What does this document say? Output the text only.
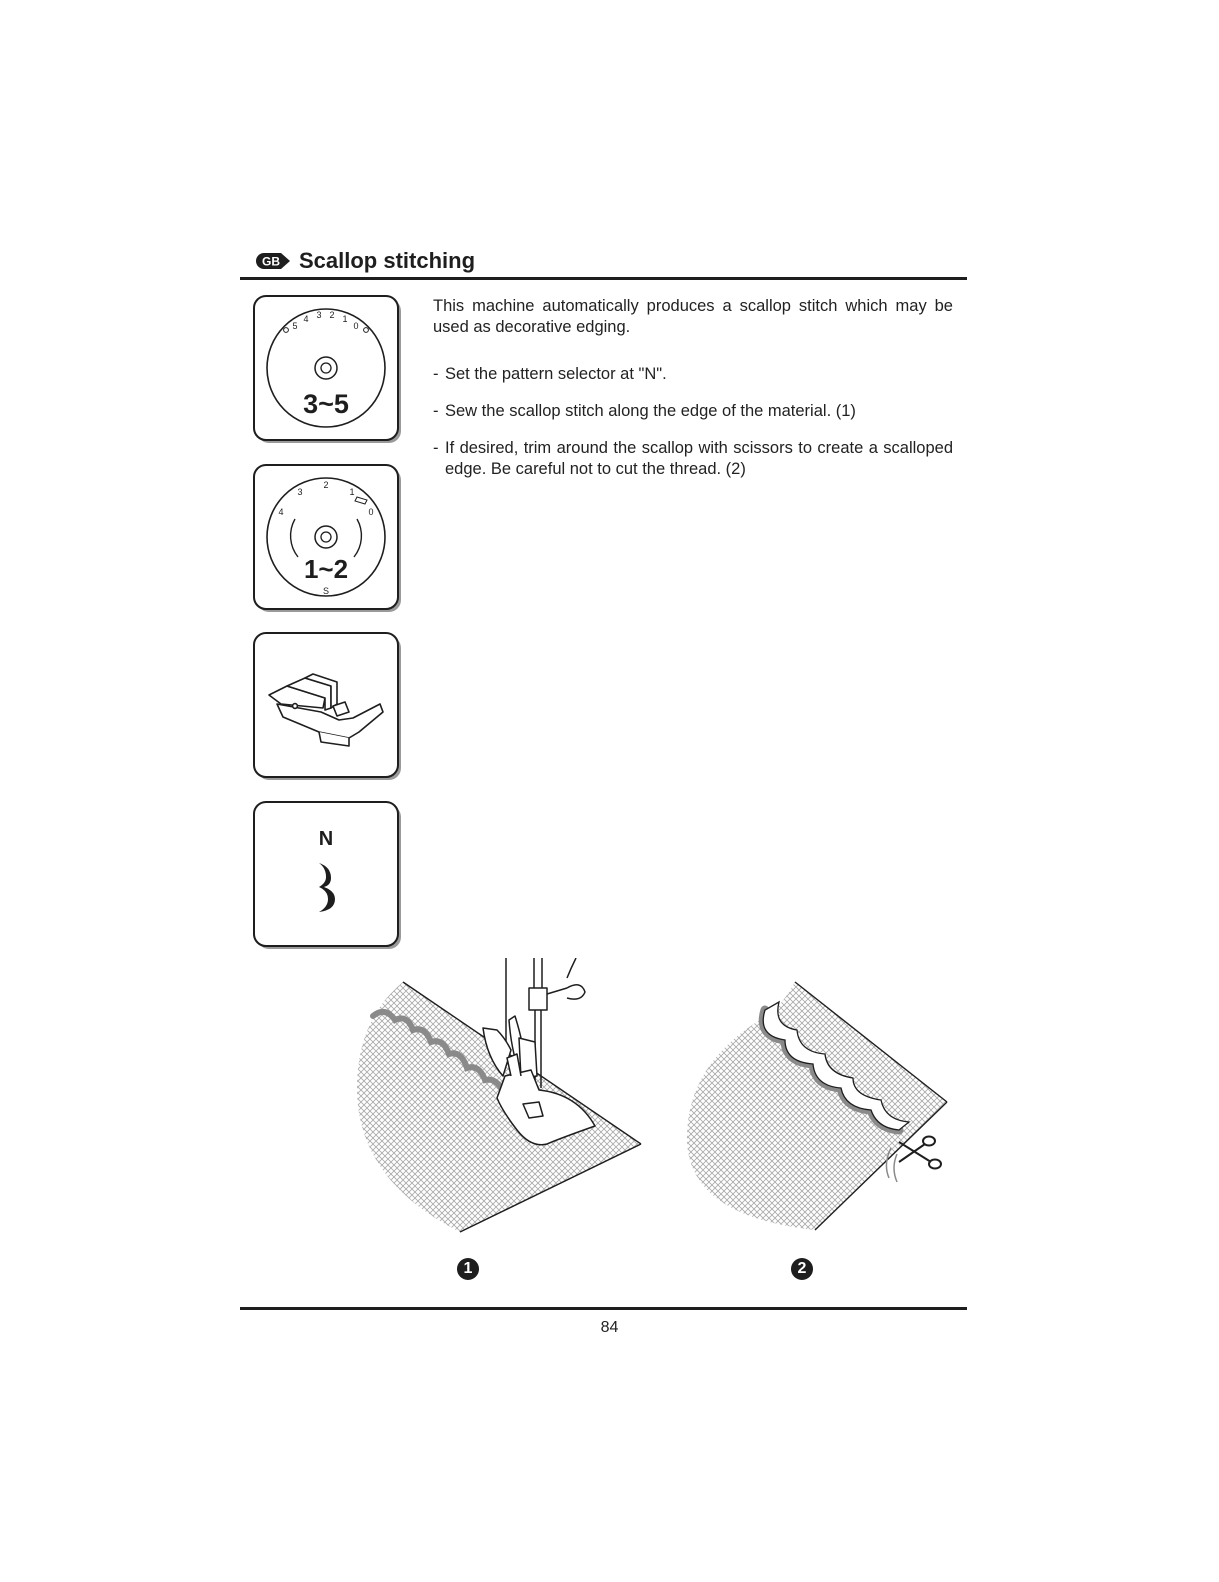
GB Scallop stitching
5
4 3 2 1
0
3~5
4
3
2
1
0
1~2
S
N

This machine automatically produces a scallop stitch which may be used as decorative edging.

- Set the pattern selector at "N".
- Sew the scallop stitch along the edge of the material. (1)
- If desired, trim around the scallop with scissors to create a scalloped edge. Be careful not to cut the thread. (2)
1	2
84
